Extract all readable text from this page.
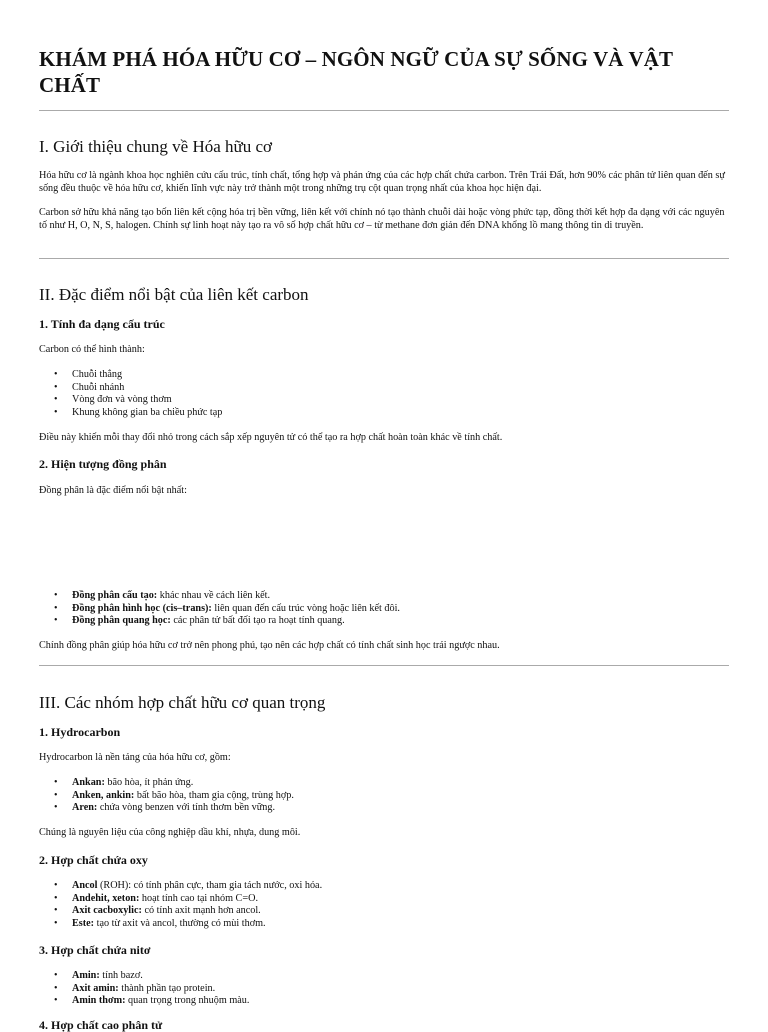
KHÁM PHÁ HÓA HỮU CƠ – NGÔN NGỮ CỦA SỰ SỐNG VÀ VẬT CHẤT
I. Giới thiệu chung về Hóa hữu cơ

Hóa hữu cơ là ngành khoa học nghiên cứu cấu trúc, tính chất, tổng hợp và phản ứng của các hợp chất chứa carbon. Trên Trái Đất, hơn 90% các phân tử liên quan đến sự sống đều thuộc về hóa hữu cơ, khiến lĩnh vực này trở thành một trong những trụ cột quan trọng nhất của khoa học hiện đại.

Carbon sở hữu khả năng tạo bốn liên kết cộng hóa trị bền vững, liên kết với chính nó tạo thành chuỗi dài hoặc vòng phức tạp, đồng thời kết hợp đa dạng với các nguyên tố như H, O, N, S, halogen. Chính sự linh hoạt này tạo ra vô số hợp chất hữu cơ – từ methane đơn giản đến DNA khổng lồ mang thông tin di truyền.

II. Đặc điểm nổi bật của liên kết carbon
1. Tính đa dạng cấu trúc

Carbon có thể hình thành:

• Chuỗi thẳng
• Chuỗi nhánh
• Vòng đơn và vòng thơm
• Khung không gian ba chiều phức tạp

Điều này khiến mỗi thay đổi nhỏ trong cách sắp xếp nguyên tử có thể tạo ra hợp chất hoàn toàn khác về tính chất.

2. Hiện tượng đồng phân

Đồng phân là đặc điểm nổi bật nhất:

• Đồng phân cấu tạo: khác nhau về cách liên kết.
• Đồng phân hình học (cis–trans): liên quan đến cấu trúc vòng hoặc liên kết đôi.
• Đồng phân quang học: các phân tử bất đối tạo ra hoạt tính quang.

Chính đồng phân giúp hóa hữu cơ trở nên phong phú, tạo nên các hợp chất có tính chất sinh học trái ngược nhau.

III. Các nhóm hợp chất hữu cơ quan trọng
1. Hydrocarbon

Hydrocarbon là nền tảng của hóa hữu cơ, gồm:

• Ankan: bão hòa, ít phản ứng.
• Anken, ankin: bất bão hòa, tham gia cộng, trùng hợp.
• Aren: chứa vòng benzen với tính thơm bền vững.

Chúng là nguyên liệu của công nghiệp dầu khí, nhựa, dung môi.

2. Hợp chất chứa oxy
• Ancol (ROH): có tính phân cực, tham gia tách nước, oxi hóa.
• Andehit, xeton: hoạt tính cao tại nhóm C=O.
• Axit cacboxylic: có tính axit mạnh hơn ancol.
• Este: tạo từ axit và ancol, thường có mùi thơm.
3. Hợp chất chứa nitơ
• Amin: tính bazơ.
• Axit amin: thành phần tạo protein.
• Amin thơm: quan trọng trong nhuộm màu.
4. Hợp chất cao phân tử
